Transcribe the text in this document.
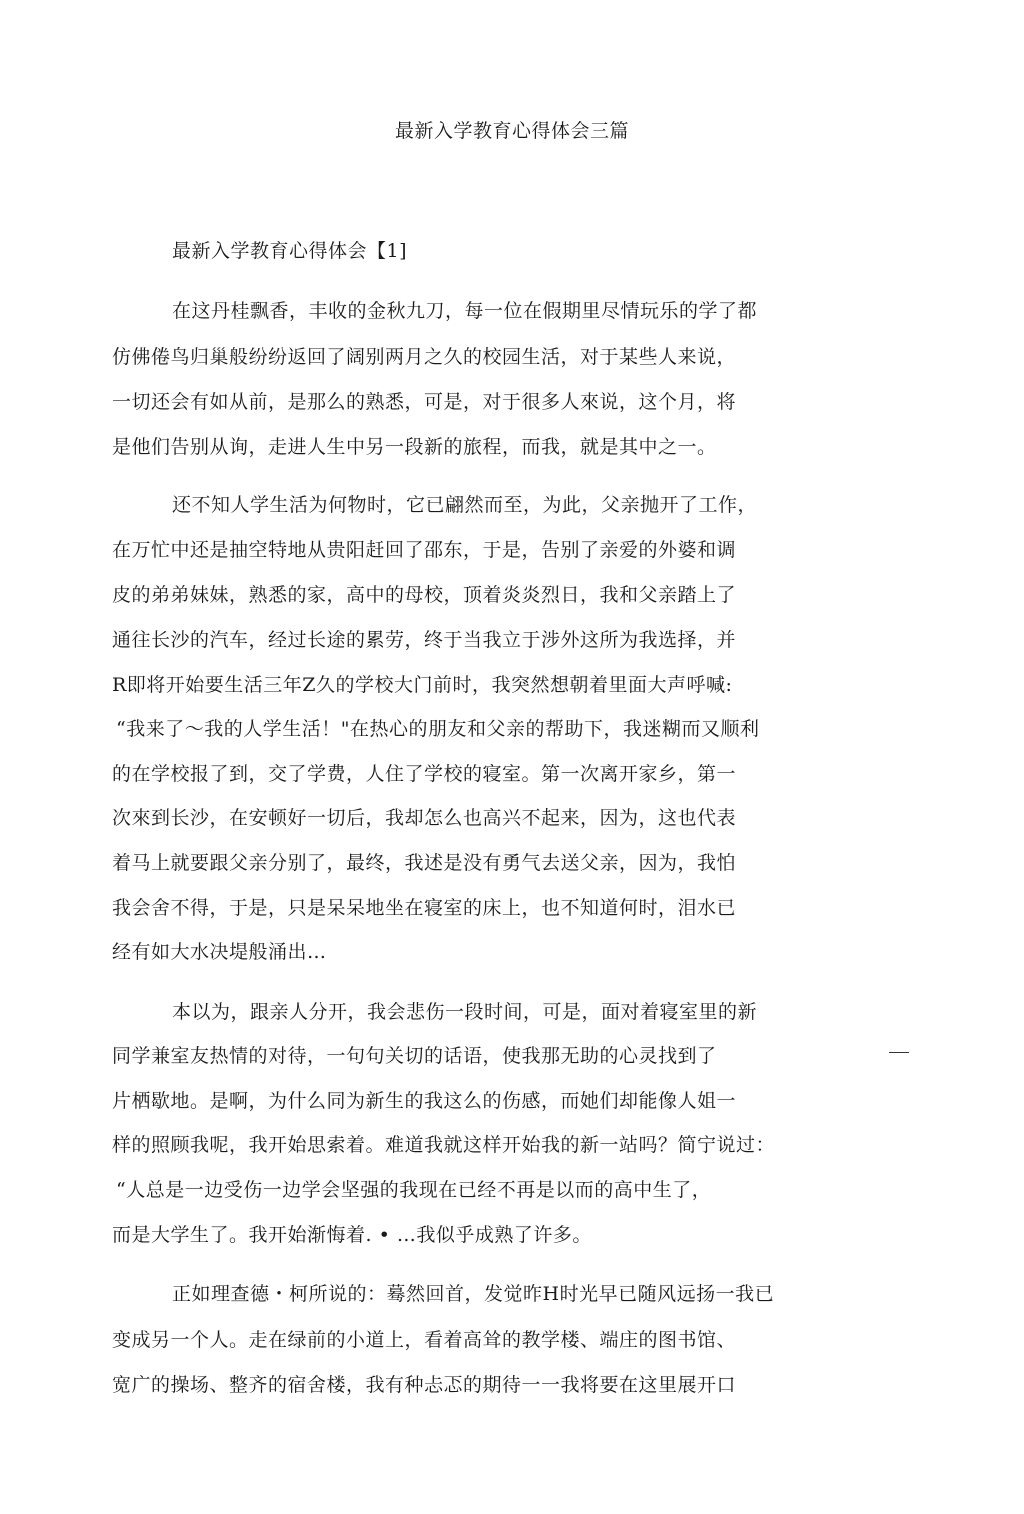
最新入学教育心得体会三篇
最新入学教育心得体会【1]
在这丹桂飘香，丰收的金秋九刀，每一位在假期里尽情玩乐的学了都
仿佛倦鸟归巢般纷纷返回了阔别两月之久的校园生活，对于某些人来说，
一切还会有如从前，是那么的熟悉，可是，对于很多人來说，这个月，将
是他们告别从询，走进人生中另一段新的旅程，而我，就是其中之一。
还不知人学生活为何物时，它已翩然而至，为此，父亲抛开了工作，
在万忙中还是抽空特地从贵阳赶回了邵东，于是，告别了亲爱的外婆和调
皮的弟弟妹妹，熟悉的家，高中的母校，顶着炎炎烈日，我和父亲踏上了
通往长沙的汽车，经过长途的累劳，终于当我立于涉外这所为我选择，并
R即将开始要生活三年Z久的学校大门前时，我突然想朝着里面大声呼喊:
“我来了〜我的人学生活！"在热心的朋友和父亲的帮助下，我迷糊而又顺利
的在学校报了到，交了学费，人住了学校的寝室。第一次离开家乡，第一
次來到长沙，在安顿好一切后，我却怎么也高兴不起来，因为，这也代表
着马上就要跟父亲分别了，最终，我述是没有勇气去送父亲，因为，我怕
我会舍不得，于是，只是呆呆地坐在寝室的床上，也不知道何时，泪水已
经有如大水决堤般涌出…
本以为，跟亲人分开，我会悲伤一段时间，可是，面对着寝室里的新
同学兼室友热情的对待，一句句关切的话语，使我那无助的心灵找到了
片栖歇地。是啊，为什么同为新生的我这么的伤感，而她们却能像人姐一
样的照顾我呢，我开始思索着。难道我就这样开始我的新一站吗？简宁说过：
“人总是一边受伤一边学会坚强的我现在已经不再是以而的高中生了，
而是大学生了。我开始渐悔着. • …我似乎成熟了许多。
正如理查德・柯所说的：蓦然回首，发觉昨H时光早已随风远扬一我已
变成另一个人。走在绿前的小道上，看着高耸的教学楼、端庄的图书馆、
宽广的操场、整齐的宿舍楼，我有种忐忑的期待一一我将要在这里展开口
